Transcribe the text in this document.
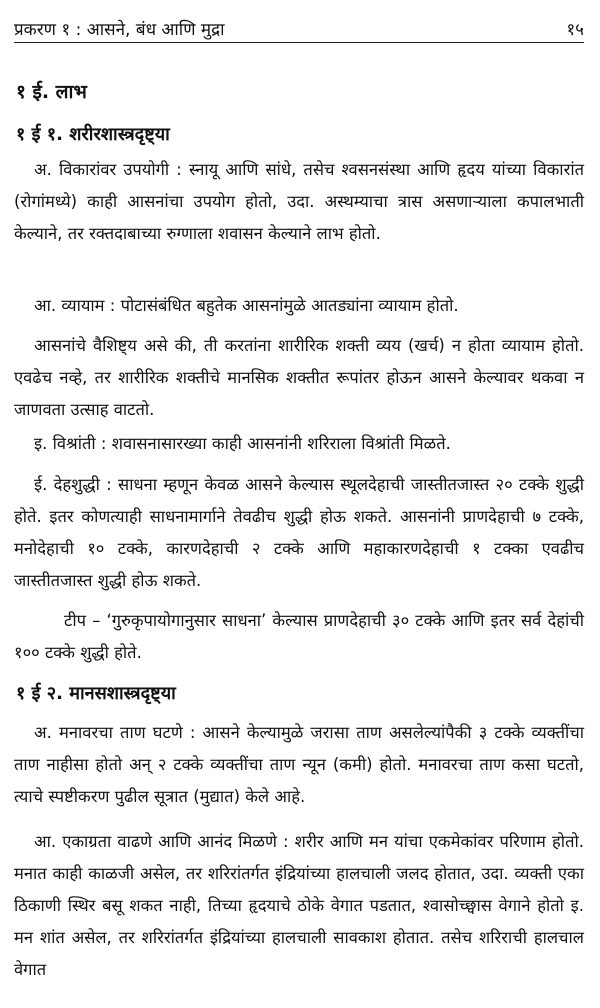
प्रकरण १ : आसने, बंध आणि मुद्रा	१५
१ ई. लाभ
१ ई १. शरीरशास्त्रदृष्ट्या

अ. विकारांवर उपयोगी : स्नायू आणि सांधे, तसेच श्वसनसंस्था आणि हृदय यांच्या विकारांत (रोगांमध्ये) काही आसनांचा उपयोग होतो, उदा. अस्थम्याचा त्रास असणाऱ्याला कपालभाती केल्याने, तर रक्तदाबाच्या रुग्णाला शवासन केल्याने लाभ होतो.

आ. व्यायाम : पोटासंबंधित बहुतेक आसनांमुळे आतड्यांना व्यायाम होतो.

आसनांचे वैशिष्ट्य असे की, ती करतांना शारीरिक शक्ती व्यय (खर्च) न होता व्यायाम होतो. एवढेच नव्हे, तर शारीरिक शक्तीचे मानसिक शक्तीत रूपांतर होऊन आसने केल्यावर थकवा न जाणवता उत्साह वाटतो.

इ. विश्रांती : शवासनासारख्या काही आसनांनी शरिराला विश्रांती मिळते.

ई. देहशुद्धी : साधना म्हणून केवळ आसने केल्यास स्थूलदेहाची जास्तीतजास्त २० टक्के शुद्धी होते. इतर कोणत्याही साधनामार्गाने तेवढीच शुद्धी होऊ शकते. आसनांनी प्राणदेहाची ७ टक्के, मनोदेहाची १० टक्के, कारणदेहाची २ टक्के आणि महाकारणदेहाची १ टक्का एवढीच जास्तीतजास्त शुद्धी होऊ शकते.

टीप – ‘गुरुकृपायोगानुसार साधना’ केल्यास प्राणदेहाची ३० टक्के आणि इतर सर्व देहांची १०० टक्के शुद्धी होते.

१ ई २. मानसशास्त्रदृष्ट्या

अ. मनावरचा ताण घटणे : आसने केल्यामुळे जरासा ताण असलेल्यांपैकी ३ टक्के व्यक्तींचा ताण नाहीसा होतो अन् २ टक्के व्यक्तींचा ताण न्यून (कमी) होतो. मनावरचा ताण कसा घटतो, त्याचे स्पष्टीकरण पुढील सूत्रात (मुद्यात) केले आहे.

आ. एकाग्रता वाढणे आणि आनंद मिळणे : शरीर आणि मन यांचा एकमेकांवर परिणाम होतो. मनात काही काळजी असेल, तर शरिरांतर्गत इंद्रियांच्या हालचाली जलद होतात, उदा. व्यक्ती एका ठिकाणी स्थिर बसू शकत नाही, तिच्या हृदयाचे ठोके वेगात पडतात, श्वासोच्छ्वास वेगाने होतो इ. मन शांत असेल, तर शरिरांतर्गत इंद्रियांच्या हालचाली सावकाश होतात. तसेच शरिराची हालचाल वेगात
